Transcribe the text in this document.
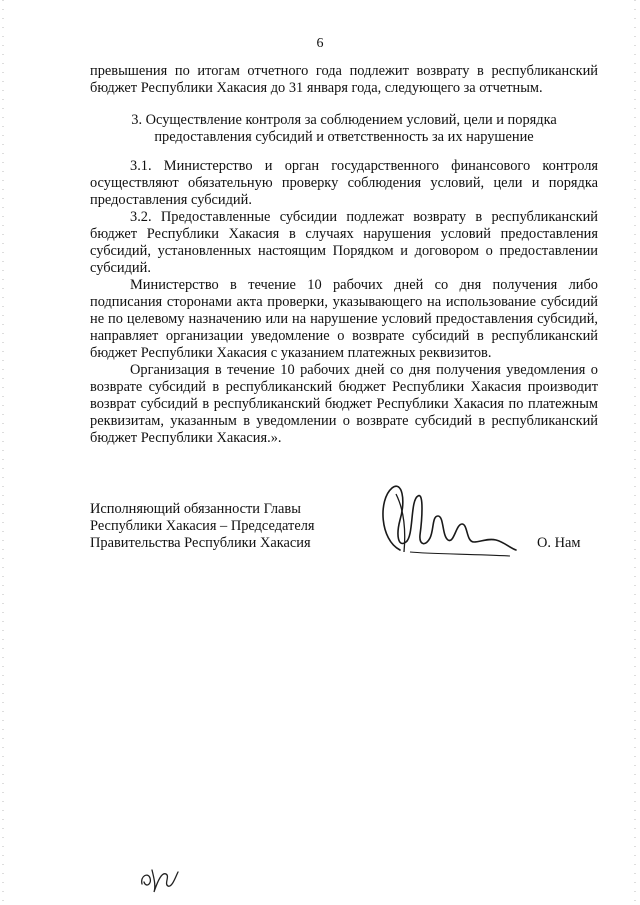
6

превышения по итогам отчетного года подлежит возврату в республиканский бюджет Республики Хакасия до 31 января года, следующего за отчетным.

3. Осуществление контроля за соблюдением условий, цели и порядка

предоставления субсидий и ответственность за их нарушение

3.1. Министерство и орган государственного финансового контроля осуществляют обязательную проверку соблюдения условий, цели и порядка предоставления субсидий.

3.2. Предоставленные субсидии подлежат возврату в республиканский бюджет Республики Хакасия в случаях нарушения условий предоставления субсидий, установленных настоящим Порядком и договором о предоставлении субсидий.

Министерство в течение 10 рабочих дней со дня получения либо подписания сторонами акта проверки, указывающего на использование субсидий не по целевому назначению или на нарушение условий предоставления субсидий, направляет организации уведомление о возврате субсидий в республиканский бюджет Республики Хакасия с указанием платежных реквизитов.

Организация в течение 10 рабочих дней со дня получения уведомления о возврате субсидий в республиканский бюджет Республики Хакасия производит возврат субсидий в республиканский бюджет Республики Хакасия по платежным реквизитам, указанным в уведомлении о возврате субсидий в республиканский бюджет Республики Хакасия.».

Исполняющий обязанности Главы

Республики Хакасия – Председателя

Правительства Республики Хакасия	О. Нам
